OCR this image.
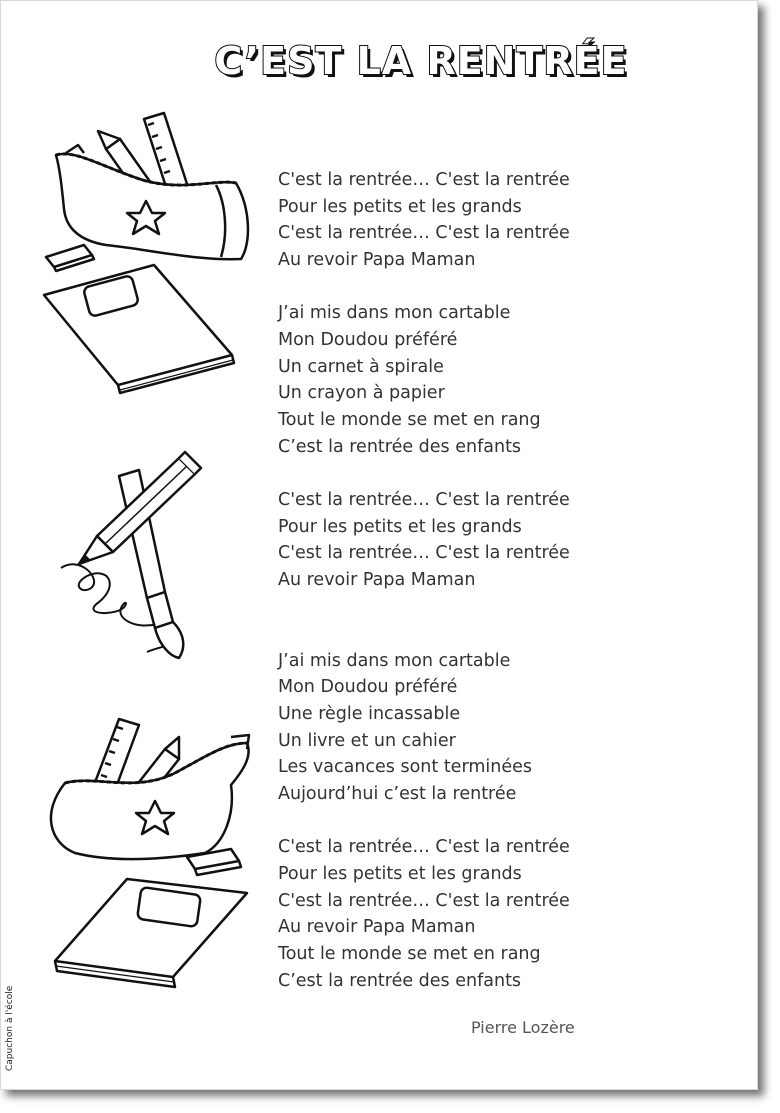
C’EST LA RENTRÉE
C'est la rentrée… C'est la rentrée
Pour les petits et les grands
C'est la rentrée… C'est la rentrée
Au revoir Papa Maman
J’ai mis dans mon cartable
Mon Doudou préféré
Un carnet à spirale
Un crayon à papier
Tout le monde se met en rang
C’est la rentrée des enfants
C'est la rentrée… C'est la rentrée
Pour les petits et les grands
C'est la rentrée… C'est la rentrée
Au revoir Papa Maman
J’ai mis dans mon cartable
Mon Doudou préféré
Une règle incassable
Un livre et un cahier
Les vacances sont terminées
Aujourd’hui c’est la rentrée
C'est la rentrée… C'est la rentrée
Pour les petits et les grands
C'est la rentrée… C'est la rentrée
Au revoir Papa Maman
Tout le monde se met en rang
C’est la rentrée des enfants
Pierre Lozère
Capuchon à l'école
